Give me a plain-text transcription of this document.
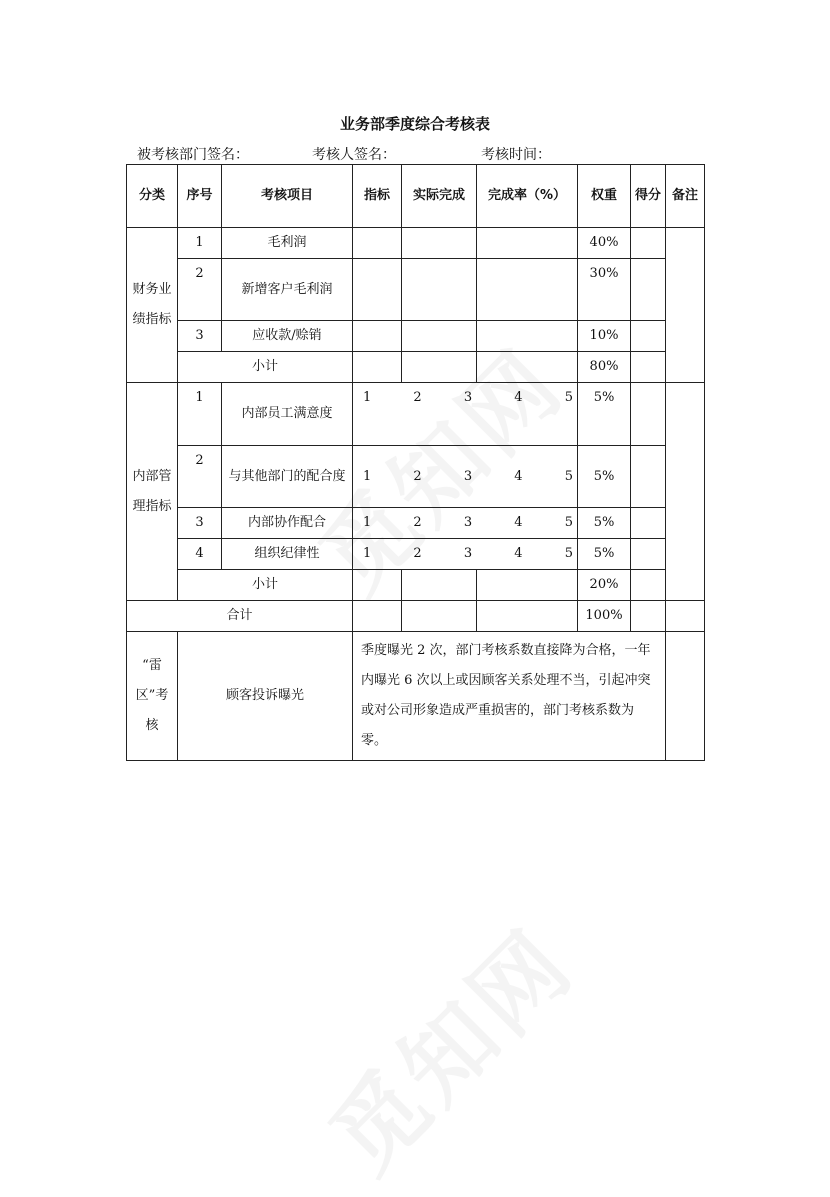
业务部季度综合考核表
被考核部门签名：	考核人签名：	考核时间：
分类	序号	考核项目	指标	实际完成	完成率（%）	权重	得分	备注
财务业绩指标	1	毛利润				40%		
	2	新增客户毛利润				30%		
	3	应收款/赊销				10%		
	小计					80%		
内部管理指标	1	内部员工满意度	1 2 3 4 5			5%		
	2	与其他部门的配合度	1 2 3 4 5			5%		
	3	内部协作配合	1 2 3 4 5			5%		
	4	组织纪律性	1 2 3 4 5			5%		
	小计					20%		
合计						100%		
“雷区”考核	顾客投诉曝光		季度曝光 2 次，部门考核系数直接降为合格，一年内曝光 6 次以上或因顾客关系处理不当，引起冲突或对公司形象造成严重损害的，部门考核系数为零。					
